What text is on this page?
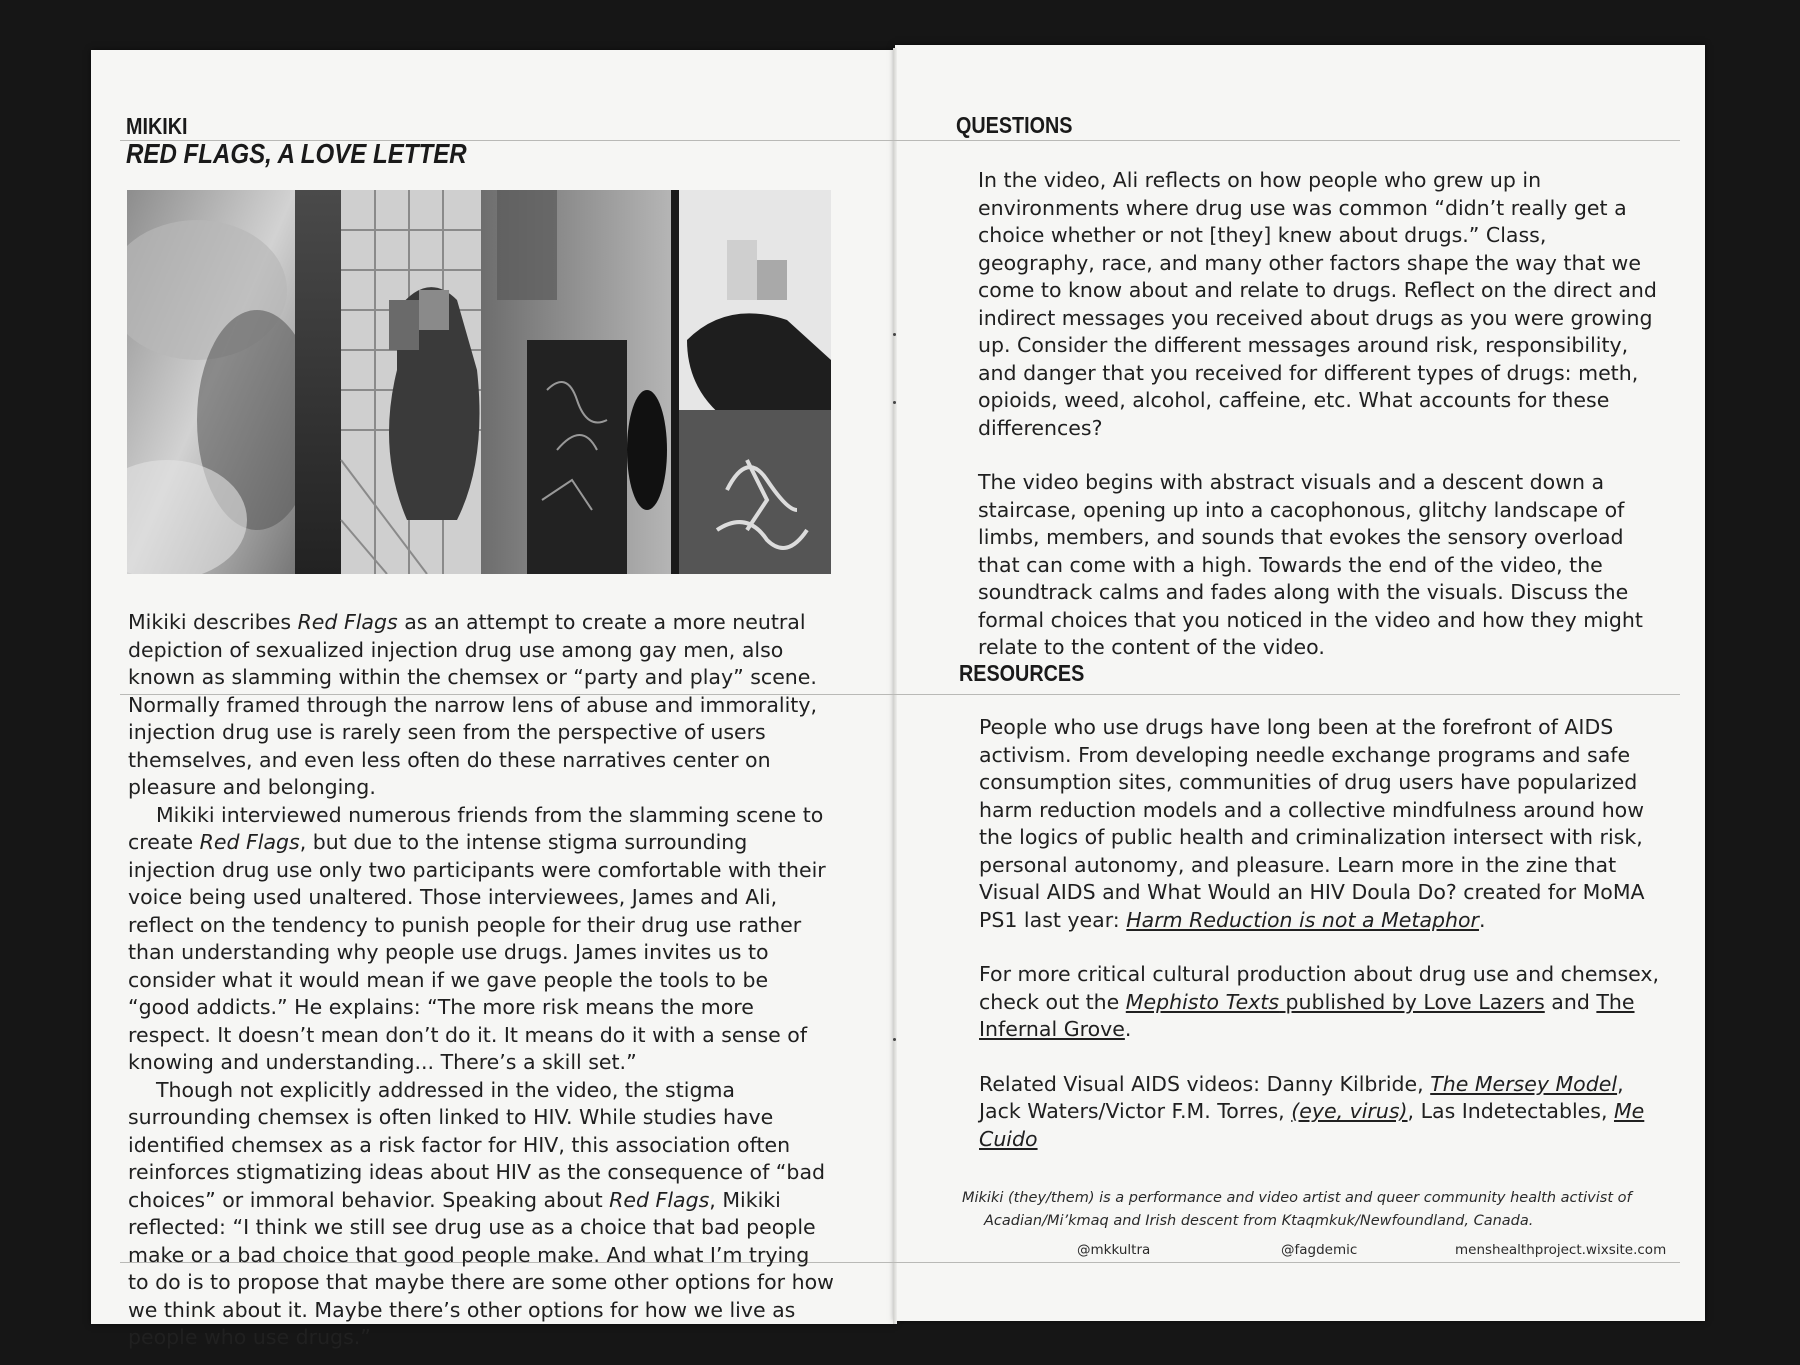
MIKIKI
RED FLAGS, A LOVE LETTER

Mikiki describes Red Flags as an attempt to create a more neutral depiction of sexualized injection drug use among gay men, also known as slamming within the chemsex or “party and play” scene. Normally framed through the narrow lens of abuse and immorality, injection drug use is rarely seen from the perspective of users themselves, and even less often do these narratives center on pleasure and belonging.

Mikiki interviewed numerous friends from the slamming scene to create Red Flags, but due to the intense stigma surrounding injection drug use only two participants were comfortable with their voice being used unaltered. Those interviewees, James and Ali, reflect on the tendency to punish people for their drug use rather than understanding why people use drugs. James invites us to consider what it would mean if we gave people the tools to be “good addicts.” He explains: “The more risk means the more respect. It doesn’t mean don’t do it. It means do it with a sense of knowing and understanding... There’s a skill set.”

Though not explicitly addressed in the video, the stigma surrounding chemsex is often linked to HIV. While studies have identified chemsex as a risk factor for HIV, this association often reinforces stigmatizing ideas about HIV as the consequence of “bad choices” or immoral behavior. Speaking about Red Flags, Mikiki reflected: “I think we still see drug use as a choice that bad people make or a bad choice that good people make. And what I’m trying to do is to propose that maybe there are some other options for how we think about it. Maybe there’s other options for how we live as people who use drugs.”

QUESTIONS

In the video, Ali reflects on how people who grew up in environments where drug use was common “didn’t really get a choice whether or not [they] knew about drugs.” Class, geography, race, and many other factors shape the way that we come to know about and relate to drugs. Reflect on the direct and indirect messages you received about drugs as you were growing up. Consider the different messages around risk, responsibility, and danger that you received for different types of drugs: meth, opioids, weed, alcohol, caffeine, etc. What accounts for these differences?

The video begins with abstract visuals and a descent down a staircase, opening up into a cacophonous, glitchy landscape of limbs, members, and sounds that evokes the sensory overload that can come with a high. Towards the end of the video, the soundtrack calms and fades along with the visuals. Discuss the formal choices that you noticed in the video and how they might relate to the content of the video.

RESOURCES

People who use drugs have long been at the forefront of AIDS activism. From developing needle exchange programs and safe consumption sites, communities of drug users have popularized harm reduction models and a collective mindfulness around how the logics of public health and criminalization intersect with risk, personal autonomy, and pleasure. Learn more in the zine that Visual AIDS and What Would an HIV Doula Do? created for MoMA PS1 last year: Harm Reduction is not a Metaphor.

For more critical cultural production about drug use and chemsex, check out the Mephisto Texts published by Love Lazers and The Infernal Grove.

Related Visual AIDS videos: Danny Kilbride, The Mersey Model, Jack Waters/Victor F.M. Torres, (eye, virus), Las Indetectables, Me Cuido

Mikiki (they/them) is a performance and video artist and queer community health activist of
Acadian/Mi’kmaq and Irish descent from Ktaqmkuk/Newfoundland, Canada.
@mkkultra	@fagdemic	menshealthproject.wixsite.com
